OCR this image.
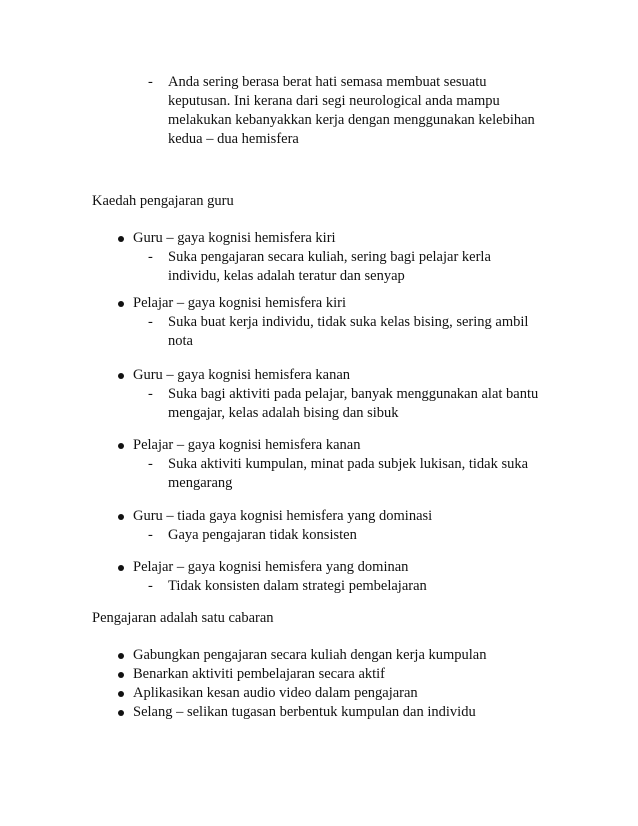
- Anda sering berasa berat hati semasa membuat sesuatu
keputusan. Ini kerana dari segi neurological anda mampu
melakukan kebanyakkan kerja dengan menggunakan kelebihan
kedua – dua hemisfera
Kaedah pengajaran guru
Guru – gaya kognisi hemisfera kiri
- Suka pengajaran secara kuliah, sering bagi pelajar kerla
individu, kelas adalah teratur dan senyap
Pelajar – gaya kognisi hemisfera kiri
- Suka buat kerja individu, tidak suka kelas bising, sering ambil
nota
Guru – gaya kognisi hemisfera kanan
- Suka bagi aktiviti pada pelajar, banyak menggunakan alat bantu
mengajar, kelas adalah bising dan sibuk
Pelajar – gaya kognisi hemisfera kanan
- Suka aktiviti kumpulan, minat pada subjek lukisan, tidak suka
mengarang
Guru – tiada gaya kognisi hemisfera yang dominasi
- Gaya pengajaran tidak konsisten
Pelajar – gaya kognisi hemisfera yang dominan
- Tidak konsisten dalam strategi pembelajaran
Pengajaran adalah satu cabaran
Gabungkan pengajaran secara kuliah dengan kerja kumpulan
Benarkan aktiviti pembelajaran secara aktif
Aplikasikan kesan audio video dalam pengajaran
Selang – selikan tugasan berbentuk kumpulan dan individu
